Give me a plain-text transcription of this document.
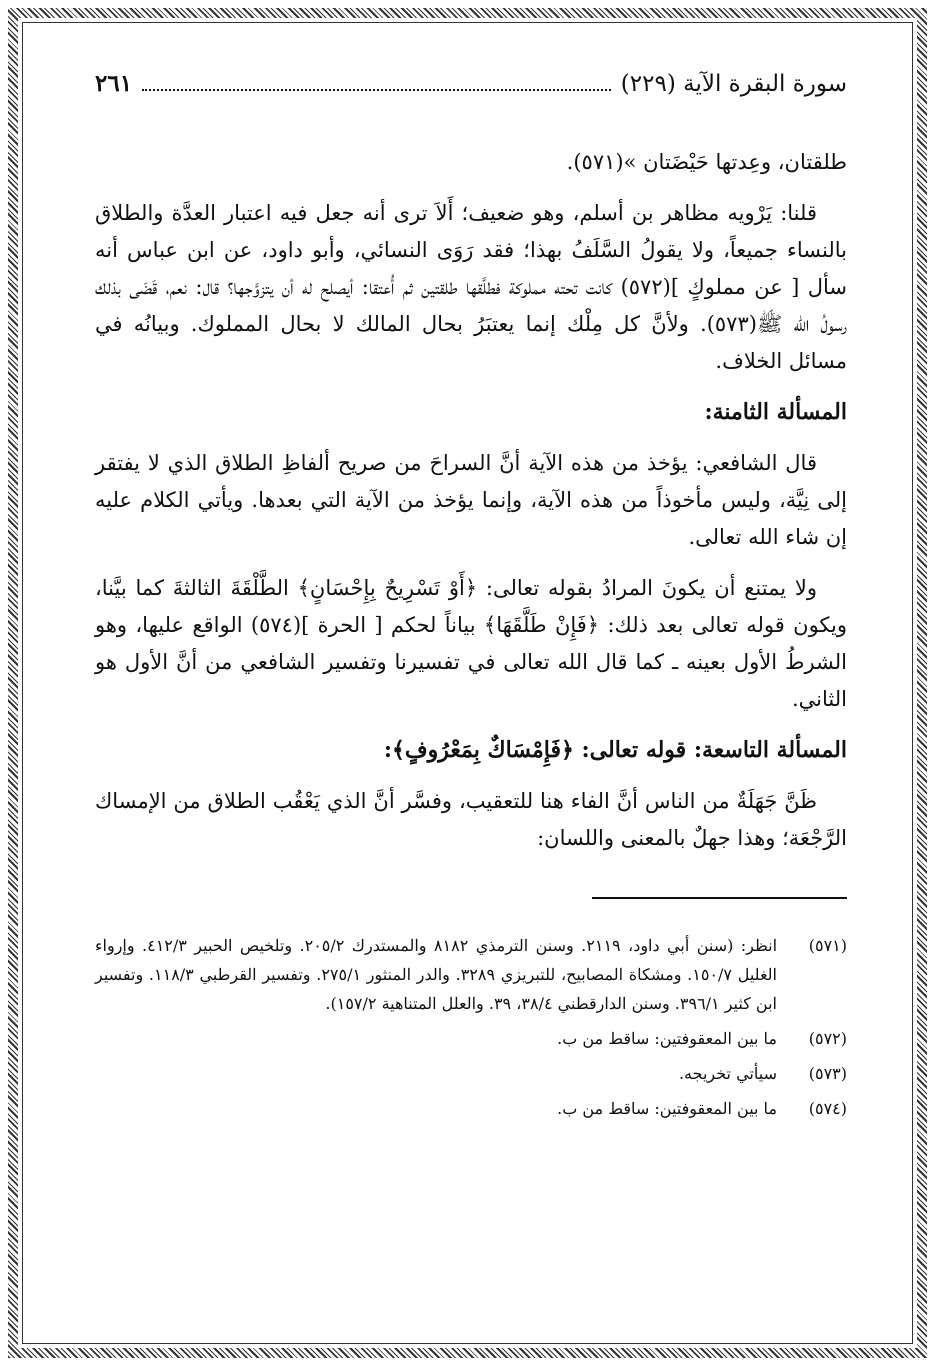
سورة البقرة الآية (٢٢٩)
٢٦١

طلقتان، وعِدتها حَيْضَتان »(٥٧١).

قلنا: يَرْويه مظاهر بن أسلم، وهو ضعيف؛ أَلاَ ترى أنه جعل فيه اعتبار العدَّة والطلاق بالنساء جميعاً، ولا يقولُ السَّلَفُ بهذا؛ فقد رَوَى النسائي، وأبو داود، عن ابن عباس أنه سأل [ عن مملوكٍ ](٥٧٢) كانت تحته مملوكة فطلَّقها طلقتين ثم أُعتقا: أيصلح له أن يتزوَّجها؟ قال: نعم، قَضَى بذلك رسولُ الله ﷺ(٥٧٣). ولأنَّ كل مِلْك إنما يعتبَرُ بحال المالك لا بحال المملوك. وبيانُه في مسائل الخلاف.

المسألة الثامنة:

قال الشافعي: يؤخذ من هذه الآية أنَّ السراحَ من صريح ألفاظِ الطلاق الذي لا يفتقر إلى نِيَّة، وليس مأخوذاً من هذه الآية، وإنما يؤخذ من الآية التي بعدها. ويأتي الكلام عليه إن شاء الله تعالى.

ولا يمتنع أن يكونَ المرادُ بقوله تعالى: ﴿أَوْ تَسْرِيحٌ بِإِحْسَانٍ﴾ الطَّلْقَةَ الثالثةَ كما بيَّنا، ويكون قوله تعالى بعد ذلك: ﴿فَإِنْ طَلَّقَهَا﴾ بياناً لحكم [ الحرة ](٥٧٤) الواقع عليها، وهو الشرطُ الأول بعينه ـ كما قال الله تعالى في تفسيرنا وتفسير الشافعي من أنَّ الأول هو الثاني.

المسألة التاسعة: قوله تعالى: ﴿فَإِمْسَاكٌ بِمَعْرُوفٍ﴾:

ظَنَّ جَهَلَةٌ من الناس أنَّ الفاء هنا للتعقيب، وفسَّر أنَّ الذي يَعْقُب الطلاق من الإمساك الرَّجْعَة؛ وهذا جهلٌ بالمعنى واللسان:

(٥٧١)
انظر: (سنن أبي داود، ٢١١٩. وسنن الترمذي ٨١٨٢ والمستدرك ٢٠٥/٢. وتلخيص الحبير ٤١٢/٣. وإرواء الغليل ١٥٠/٧. ومشكاة المصابيح، للتبريزي ٣٢٨٩. والدر المنثور ٢٧٥/١. وتفسير القرطبي ١١٨/٣. وتفسير ابن كثير ٣٩٦/١. وسنن الدارقطني ٣٨/٤، ٣٩. والعلل المتناهية ١٥٧/٢).
(٥٧٢)
ما بين المعقوفتين: ساقط من ب.
(٥٧٣)
سيأتي تخريجه.
(٥٧٤)
ما بين المعقوفتين: ساقط من ب.
